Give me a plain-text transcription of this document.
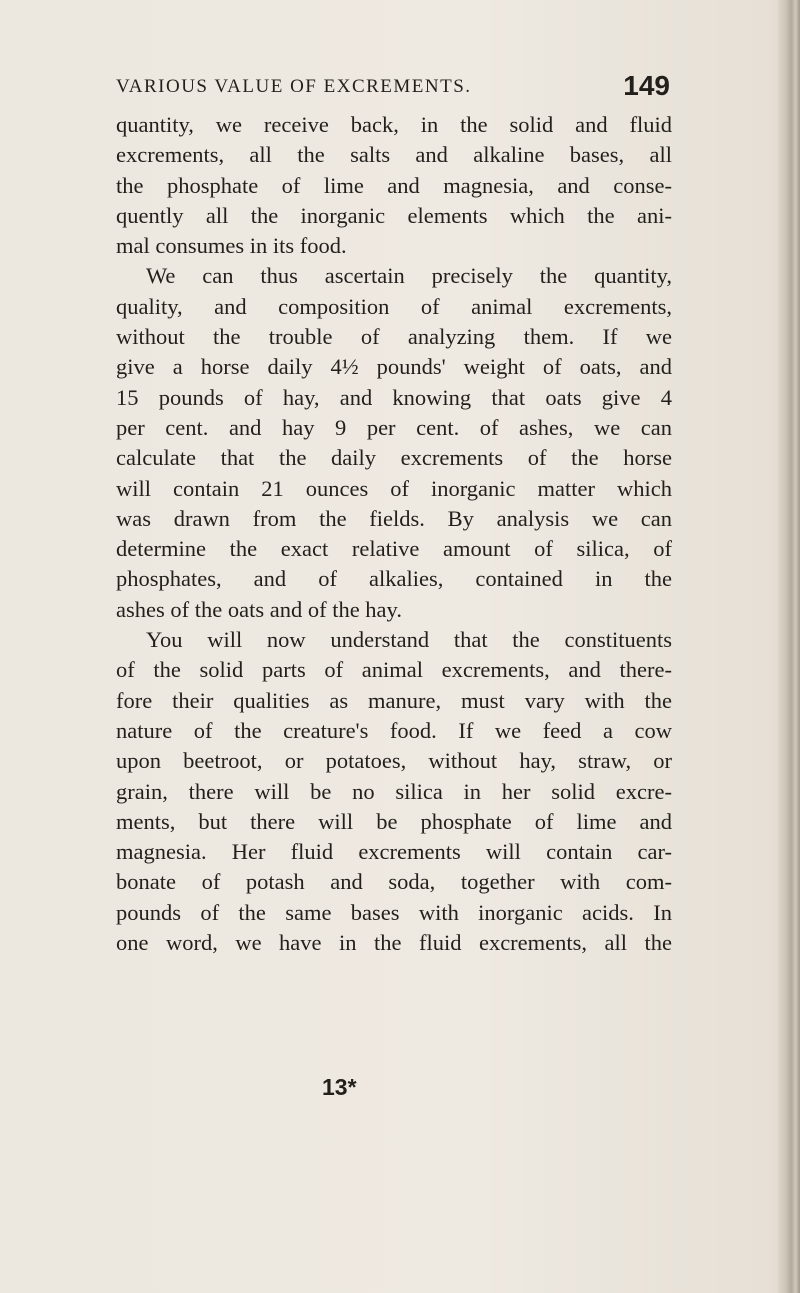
VARIOUS VALUE OF EXCREMENTS.	149
quantity, we receive back, in the solid and fluid
excrements, all the salts and alkaline bases, all
the phosphate of lime and magnesia, and conse-
quently all the inorganic elements which the ani-
mal consumes in its food.
We can thus ascertain precisely the quantity,
quality, and composition of animal excrements,
without the trouble of analyzing them. If we
give a horse daily 4½ pounds' weight of oats, and
15 pounds of hay, and knowing that oats give 4
per cent. and hay 9 per cent. of ashes, we can
calculate that the daily excrements of the horse
will contain 21 ounces of inorganic matter which
was drawn from the fields. By analysis we can
determine the exact relative amount of silica, of
phosphates, and of alkalies, contained in the
ashes of the oats and of the hay.
You will now understand that the constituents
of the solid parts of animal excrements, and there-
fore their qualities as manure, must vary with the
nature of the creature's food. If we feed a cow
upon beetroot, or potatoes, without hay, straw, or
grain, there will be no silica in her solid excre-
ments, but there will be phosphate of lime and
magnesia. Her fluid excrements will contain car-
bonate of potash and soda, together with com-
pounds of the same bases with inorganic acids. In
one word, we have in the fluid excrements, all the
13*
